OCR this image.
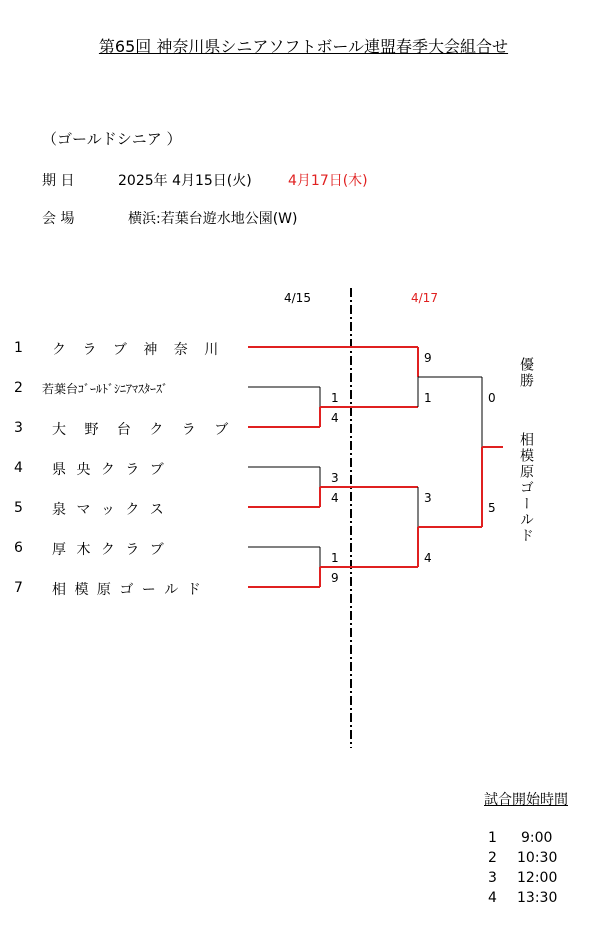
第65回 神奈川県シニアソフトボール連盟春季大会組合せ
（ゴールドシニア ）
期 日	2025年 4月15日(火)	4月17日(木)
会 場	横浜:若葉台遊水地公園(W)
4/15	4/17
1
2
3
4
5
6
7
ク ラ ブ 神 奈 川
若葉台ｺﾞｰﾙﾄﾞｼﾆｱﾏｽﾀｰｽﾞ
大 野 台 ク ラ ブ
県 央 ク ラ ブ
泉 マ ッ ク ス
厚 木 ク ラ ブ
相 模 原 ゴ ー ル ド
1
4
3
4
1
9
9
1
3
4
0
5
優勝
相模原ゴールド
試合開始時間
1 9:00
2 10:30
3 12:00
4 13:30
